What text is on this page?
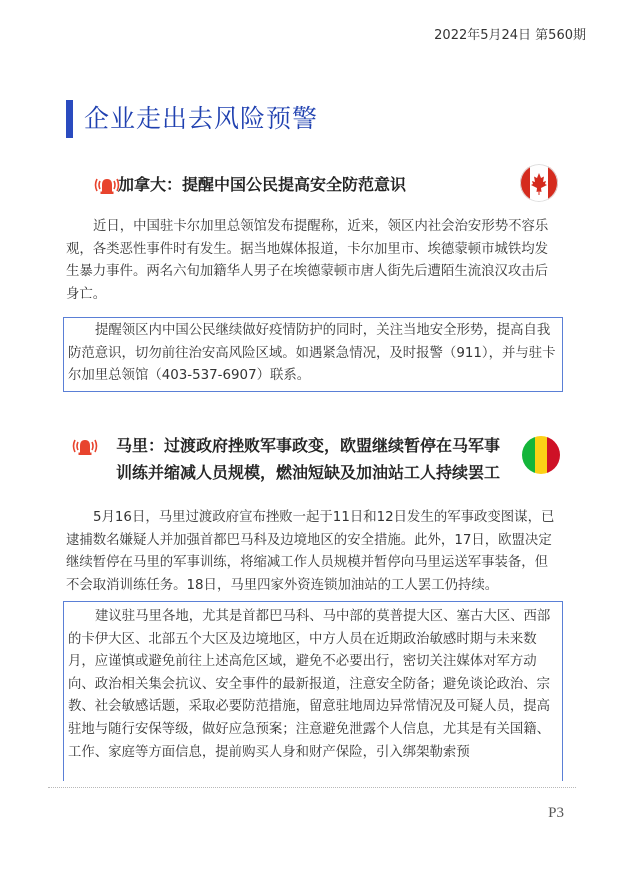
2022年5月24日 第560期
企业走出去风险预警
加拿大：提醒中国公民提高安全防范意识

近日，中国驻卡尔加里总领馆发布提醒称，近来，领区内社会治安形势不容乐观，各类恶性事件时有发生。据当地媒体报道，卡尔加里市、埃德蒙顿市城铁均发生暴力事件。两名六旬加籍华人男子在埃德蒙顿市唐人街先后遭陌生流浪汉攻击后身亡。

提醒领区内中国公民继续做好疫情防护的同时，关注当地安全形势，提高自我防范意识，切勿前往治安高风险区域。如遇紧急情况，及时报警（911），并与驻卡尔加里总领馆（403-537-6907）联系。

马里：过渡政府挫败军事政变，欧盟继续暂停在马军事
训练并缩减人员规模，燃油短缺及加油站工人持续罢工

5月16日，马里过渡政府宣布挫败一起于11日和12日发生的军事政变图谋，已逮捕数名嫌疑人并加强首都巴马科及边境地区的安全措施。此外，17日，欧盟决定继续暂停在马里的军事训练，将缩减工作人员规模并暂停向马里运送军事装备，但不会取消训练任务。18日，马里四家外资连锁加油站的工人罢工仍持续。

建议驻马里各地，尤其是首都巴马科、马中部的莫普提大区、塞古大区、西部的卡伊大区、北部五个大区及边境地区，中方人员在近期政治敏感时期与未来数月，应谨慎或避免前往上述高危区域，避免不必要出行，密切关注媒体对军方动向、政治相关集会抗议、安全事件的最新报道，注意安全防备；避免谈论政治、宗教、社会敏感话题，采取必要防范措施，留意驻地周边异常情况及可疑人员，提高驻地与随行安保等级，做好应急预案；注意避免泄露个人信息，尤其是有关国籍、工作、家庭等方面信息，提前购买人身和财产保险，引入绑架勒索预

P3
